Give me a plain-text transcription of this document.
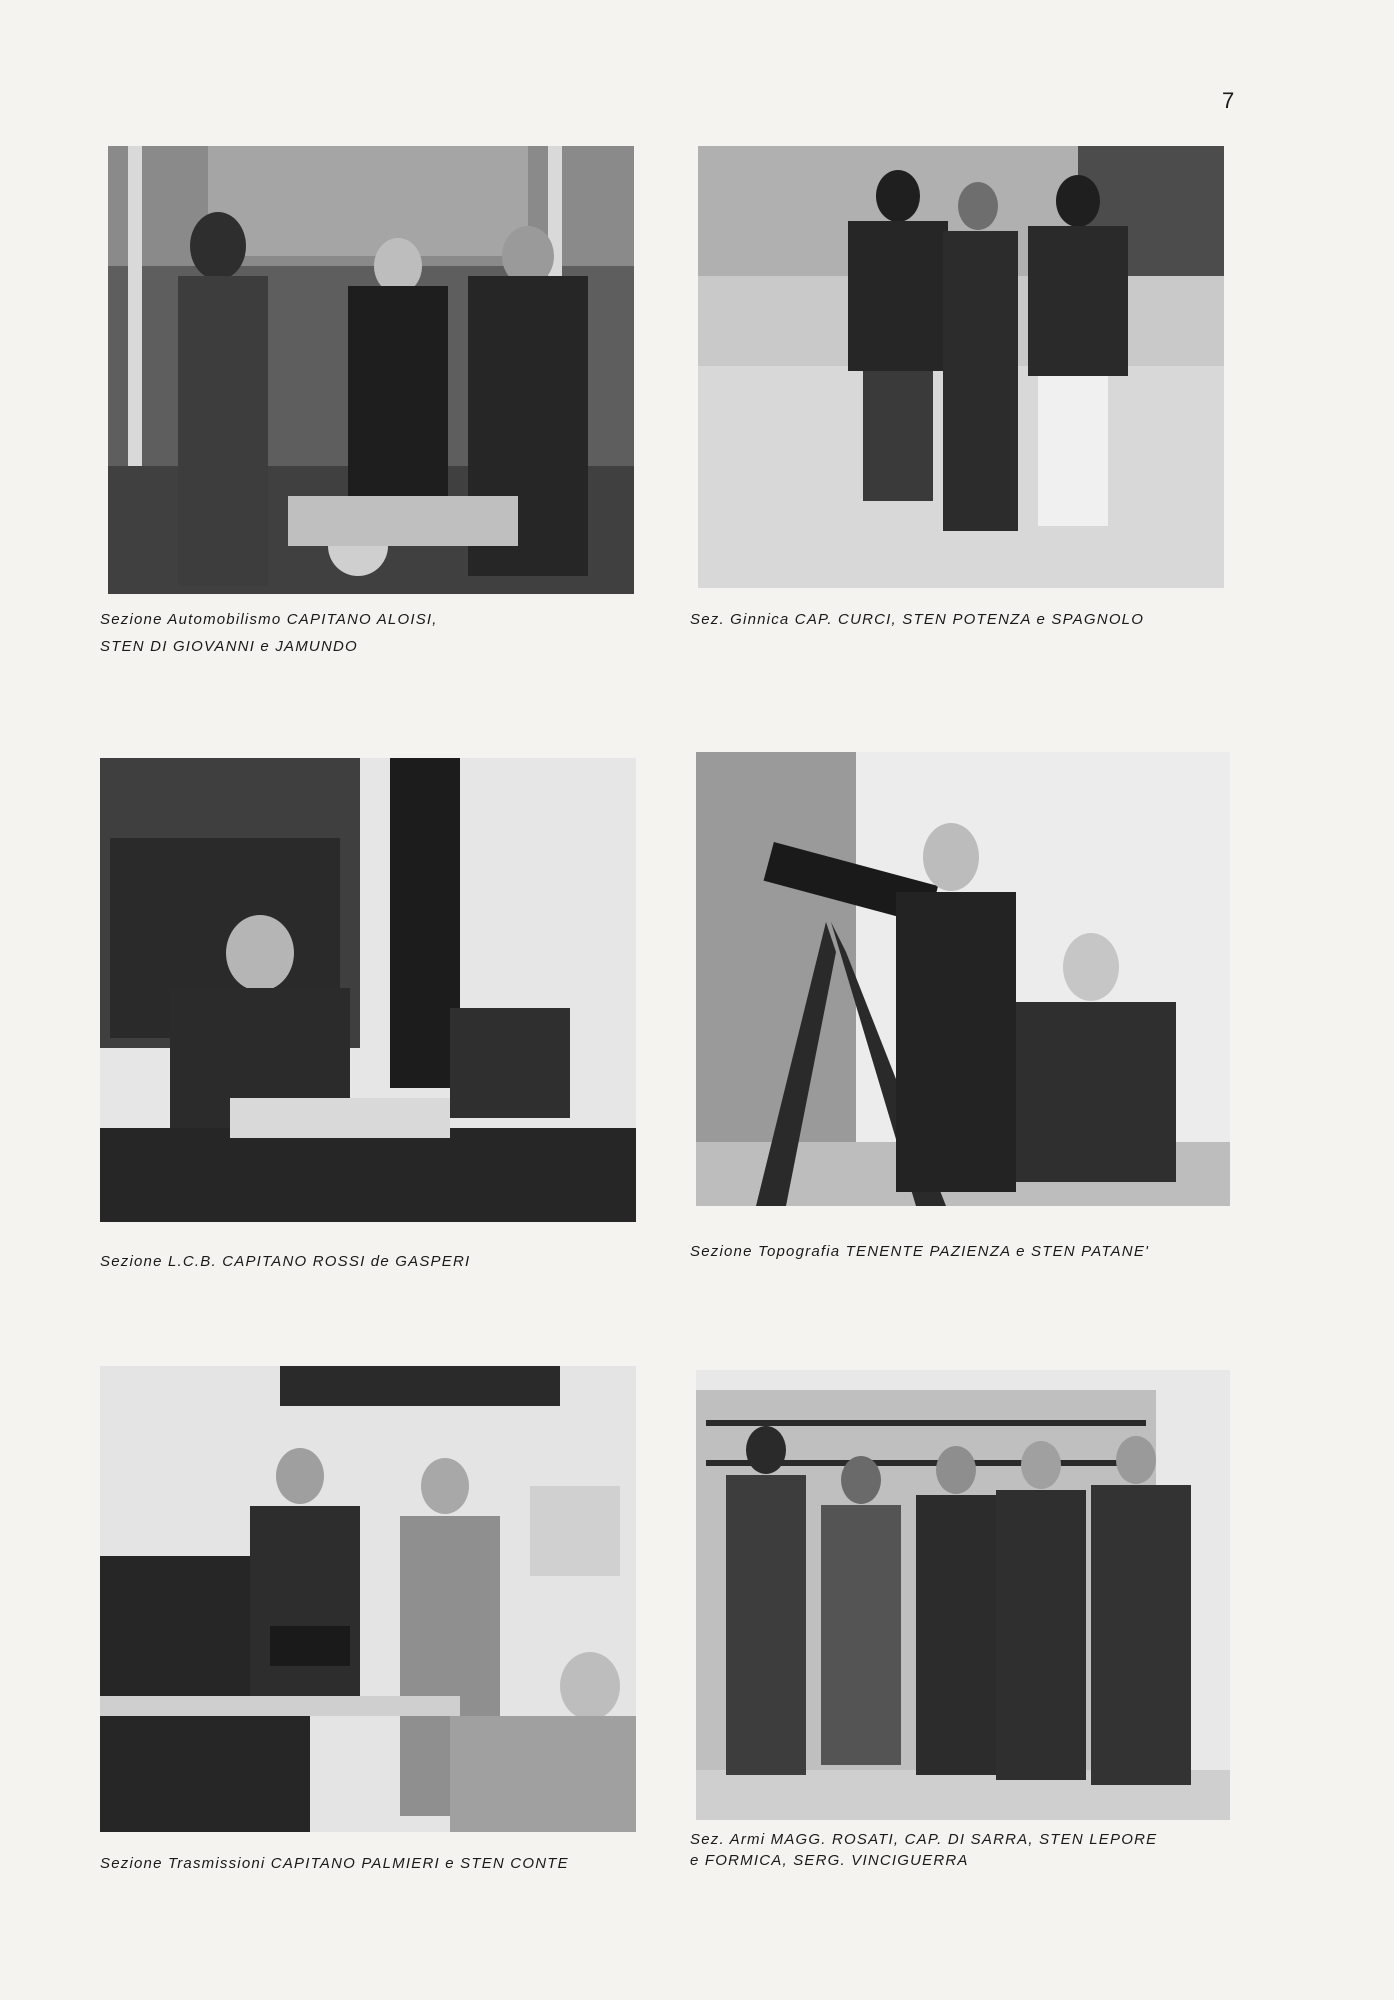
7
Sezione Automobilismo CAPITANO ALOISI,
STEN DI GIOVANNI e JAMUNDO
Sez. Ginnica CAP. CURCI, STEN POTENZA e SPAGNOLO
Sezione L.C.B. CAPITANO ROSSI de GASPERI
Sezione Topografia TENENTE PAZIENZA e STEN PATANE'
Sezione Trasmissioni CAPITANO PALMIERI e STEN CONTE
Sez. Armi MAGG. ROSATI, CAP. DI SARRA, STEN LEPORE
e FORMICA, SERG. VINCIGUERRA
